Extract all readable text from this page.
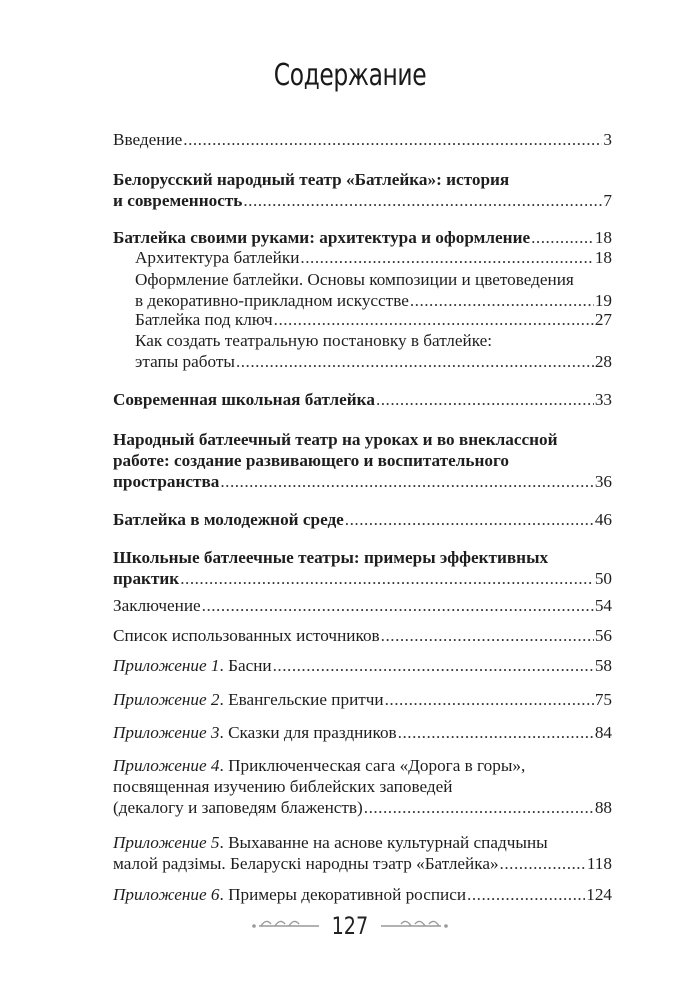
Содержание
Введение .....	3
Белорусский народный театр «Батлейка»: история
и современность .....	7
Батлейка своими руками: архитектура и оформление .....	18
Архитектура батлейки .....	18
Оформление батлейки. Основы композиции и цветоведения
в декоративно-прикладном искусстве .....	19
Батлейка под ключ .....	27
Как создать театральную постановку в батлейке:
этапы работы .....	28
Современная школьная батлейка .....	33
Народный батлеечный театр на уроках и во внеклассной
работе: создание развивающего и воспитательного
пространства .....	36
Батлейка в молодежной среде .....	46
Школьные батлеечные театры: примеры эффективных
практик .....	50
Заключение .....	54
Список использованных источников .....	56
Приложение 1. Басни .....	58
Приложение 2. Евангельские притчи .....	75
Приложение 3. Сказки для праздников .....	84
Приложение 4. Приключенческая сага «Дорога в горы»,
посвященная изучению библейских заповедей
(декалогу и заповедям блаженств) .....	88
Приложение 5. Выхаванне на аснове культурнай спадчыны
малой радзімы. Беларускі народны тэатр «Батлейка» .....	118
Приложение 6. Примеры декоративной росписи .....	124
127
